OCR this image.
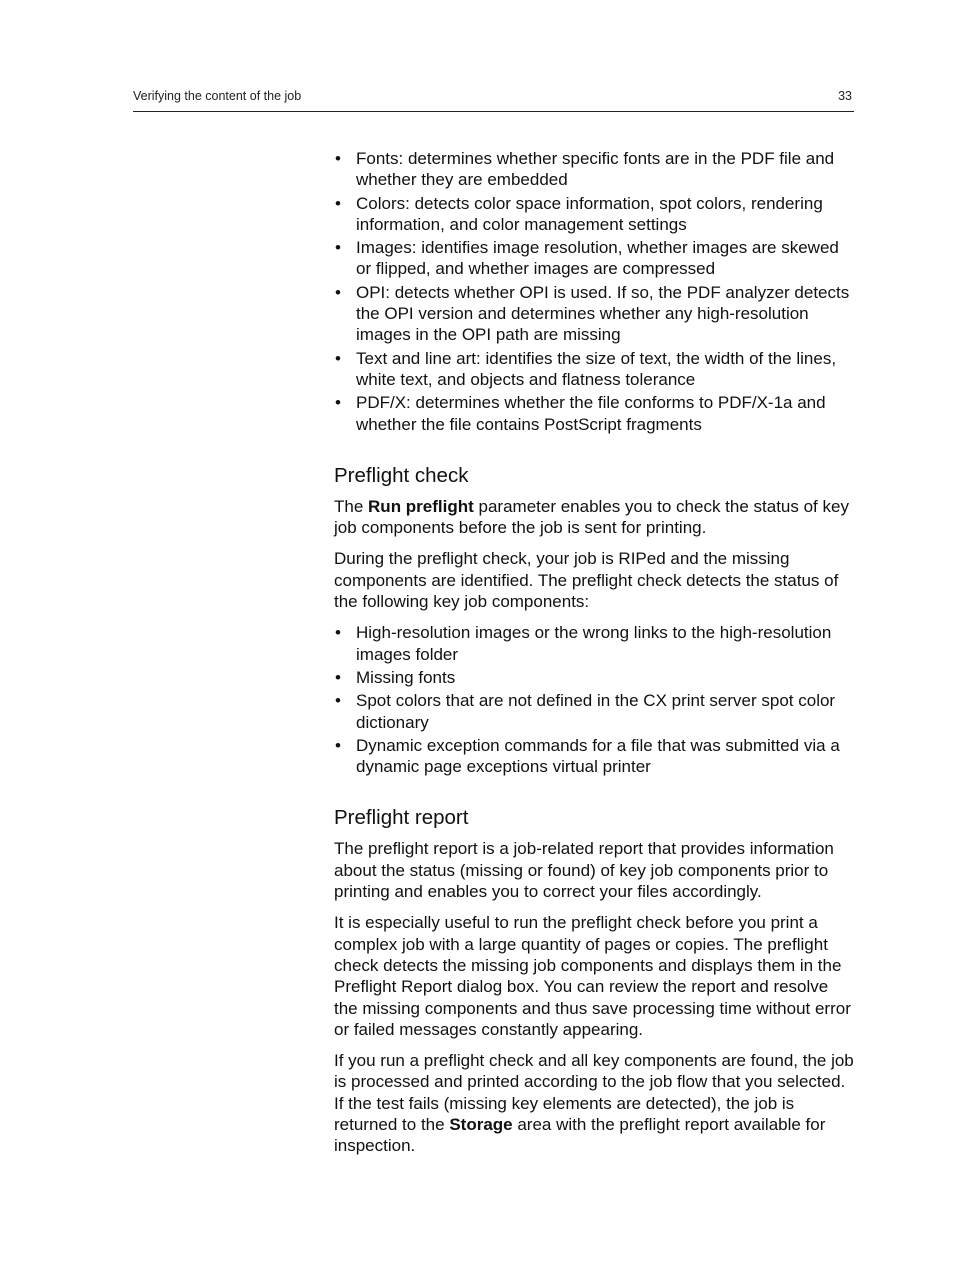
Verifying the content of the job	33
• Fonts: determines whether specific fonts are in the PDF file and whether they are embedded
• Colors: detects color space information, spot colors, rendering information, and color management settings
• Images: identifies image resolution, whether images are skewed or flipped, and whether images are compressed
• OPI: detects whether OPI is used. If so, the PDF analyzer detects the OPI version and determines whether any high-resolution images in the OPI path are missing
• Text and line art: identifies the size of text, the width of the lines, white text, and objects and flatness tolerance
• PDF/X: determines whether the file conforms to PDF/X-1a and whether the file contains PostScript fragments
Preflight check

The Run preflight parameter enables you to check the status of key job components before the job is sent for printing.

During the preflight check, your job is RIPed and the missing components are identified. The preflight check detects the status of the following key job components:

• High-resolution images or the wrong links to the high-resolution images folder
• Missing fonts
• Spot colors that are not defined in the CX print server spot color dictionary
• Dynamic exception commands for a file that was submitted via a dynamic page exceptions virtual printer
Preflight report

The preflight report is a job-related report that provides information about the status (missing or found) of key job components prior to printing and enables you to correct your files accordingly.

It is especially useful to run the preflight check before you print a complex job with a large quantity of pages or copies. The preflight check detects the missing job components and displays them in the Preflight Report dialog box. You can review the report and resolve the missing components and thus save processing time without error or failed messages constantly appearing.

If you run a preflight check and all key components are found, the job is processed and printed according to the job flow that you selected. If the test fails (missing key elements are detected), the job is returned to the Storage area with the preflight report available for inspection.
